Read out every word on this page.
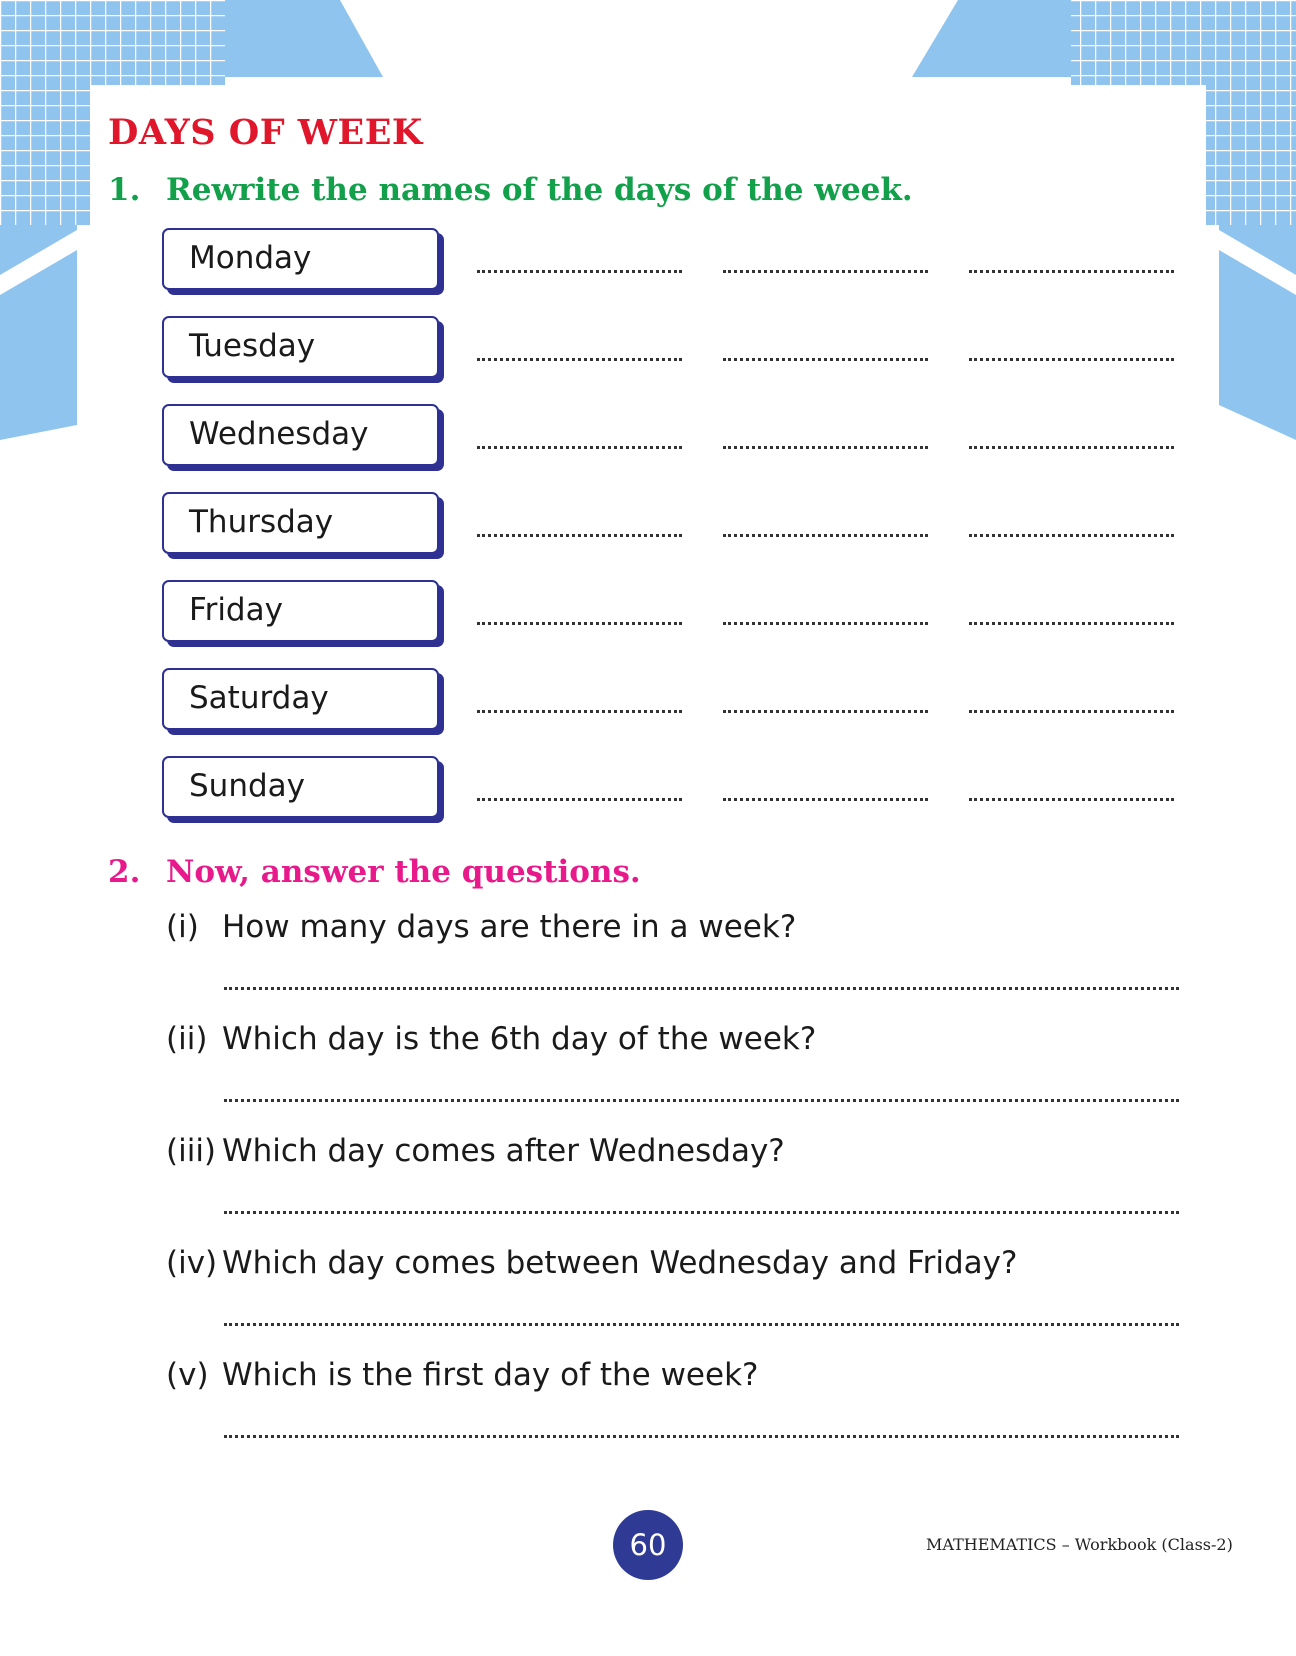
DAYS OF WEEK
1. Rewrite the names of the days of the week.
Monday
Tuesday
Wednesday
Thursday
Friday
Saturday
Sunday
2. Now, answer the questions.

(i) How many days are there in a week?

(ii) Which day is the 6th day of the week?

(iii) Which day comes after Wednesday?

(iv) Which day comes between Wednesday and Friday?

(v) Which is the first day of the week?

60	MATHEMATICS – Workbook (Class-2)
